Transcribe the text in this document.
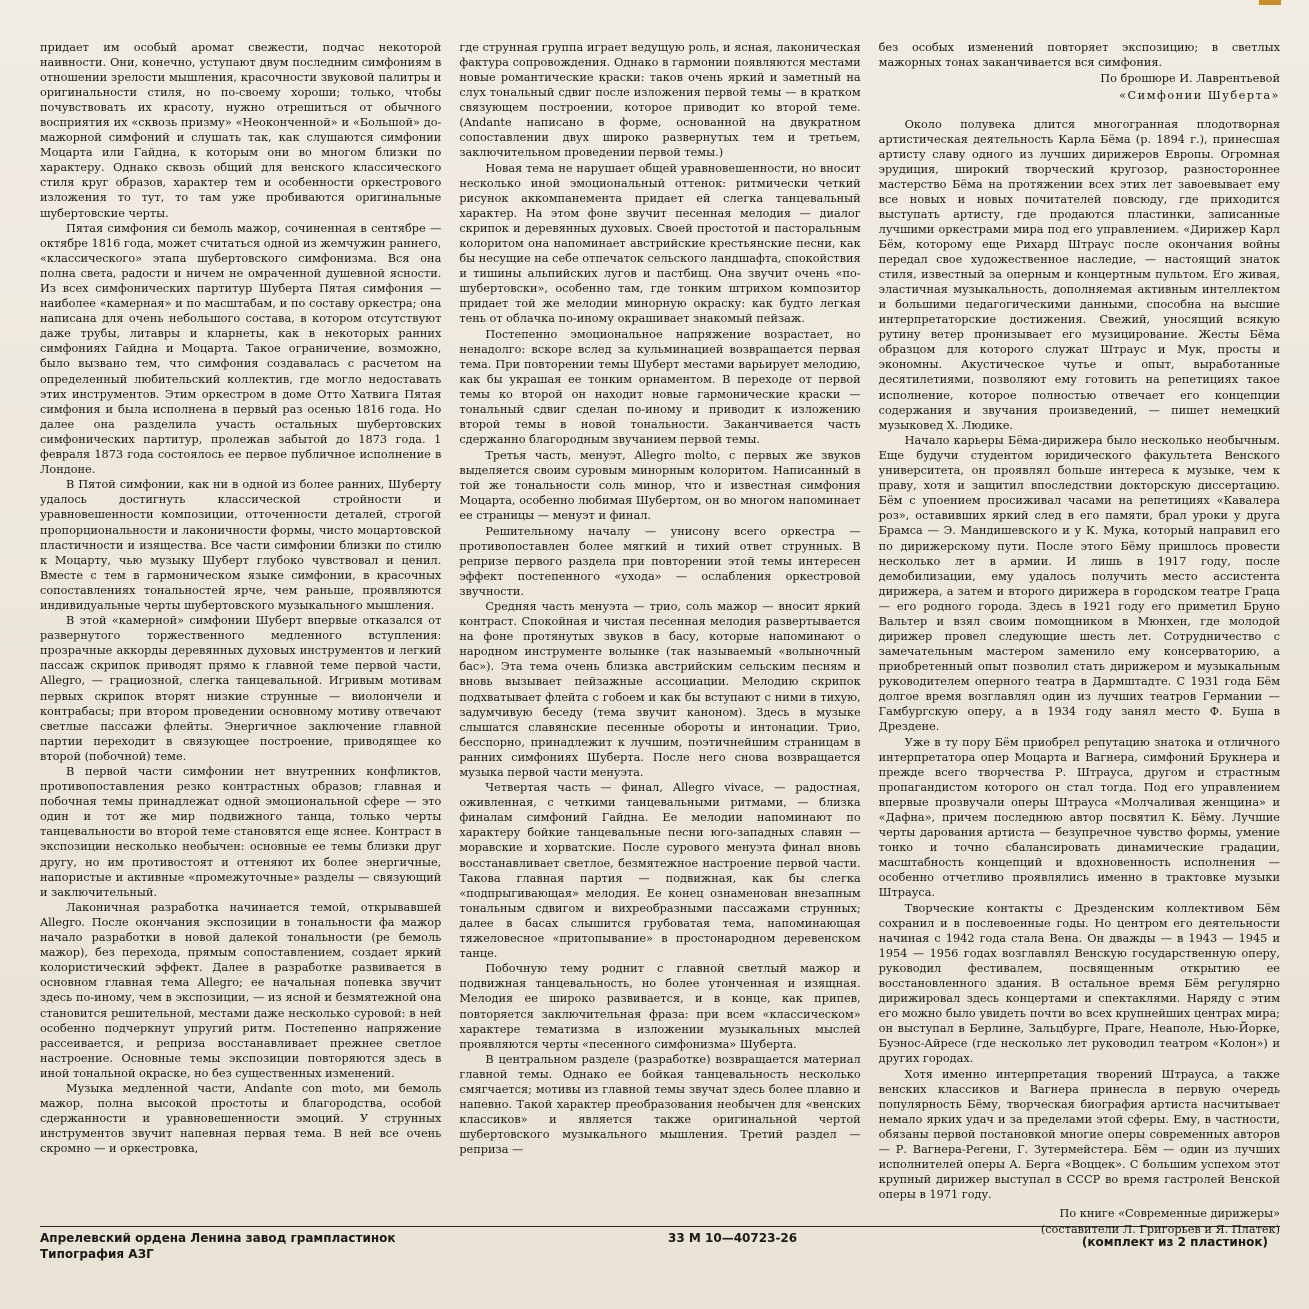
придает им особый аромат свежести, подчас некоторой наивности. Они, конечно, уступают двум последним симфониям в отношении зрелости мышления, красочности звуковой палитры и оригинальности стиля, но по-своему хороши; только, чтобы почувствовать их красоту, нужно отрешиться от обычного восприятия их «сквозь призму» «Неоконченной» и «Большой» до-мажорной симфоний и слушать так, как слушаются симфонии Моцарта или Гайдна, к которым они во многом близки по характеру. Однако сквозь общий для венского классического стиля круг образов, характер тем и особенности оркестрового изложения то тут, то там уже пробиваются оригинальные шубертовские черты.

Пятая симфония си бемоль мажор, сочиненная в сентябре — октябре 1816 года, может считаться одной из жемчужин раннего, «классического» этапа шубертовского симфонизма. Вся она полна света, радости и ничем не омраченной душевной ясности. Из всех симфонических партитур Шуберта Пятая симфония — наиболее «камерная» и по масштабам, и по составу оркестра; она написана для очень небольшого состава, в котором отсутствуют даже трубы, литавры и кларнеты, как в некоторых ранних симфониях Гайдна и Моцарта. Такое ограничение, возможно, было вызвано тем, что симфония создавалась с расчетом на определенный любительский коллектив, где могло недоставать этих инструментов. Этим оркестром в доме Отто Хатвига Пятая симфония и была исполнена в первый раз осенью 1816 года. Но далее она разделила участь остальных шубертовских симфонических партитур, пролежав забытой до 1873 года. 1 февраля 1873 года состоялось ее первое публичное исполнение в Лондоне.

В Пятой симфонии, как ни в одной из более ранних, Шуберту удалось достигнуть классической стройности и уравновешенности композиции, отточенности деталей, строгой пропорциональности и лаконичности формы, чисто моцартовской пластичности и изящества. Все части симфонии близки по стилю к Моцарту, чью музыку Шуберт глубоко чувствовал и ценил. Вместе с тем в гармоническом языке симфонии, в красочных сопоставлениях тональностей ярче, чем раньше, проявляются индивидуальные черты шубертовского музыкального мышления.

В этой «камерной» симфонии Шуберт впервые отказался от развернутого торжественного медленного вступления: прозрачные аккорды деревянных духовых инструментов и легкий пассаж скрипок приводят прямо к главной теме первой части, Allegro, — грациозной, слегка танцевальной. Игривым мотивам первых скрипок вторят низкие струнные — виолончели и контрабасы; при втором проведении основному мотиву отвечают светлые пассажи флейты. Энергичное заключение главной партии переходит в связующее построение, приводящее ко второй (побочной) теме.

В первой части симфонии нет внутренних конфликтов, противопоставления резко контрастных образов; главная и побочная темы принадлежат одной эмоциональной сфере — это один и тот же мир подвижного танца, только черты танцевальности во второй теме становятся еще яснее. Контраст в экспозиции несколько необычен: основные ее темы близки друг другу, но им противостоят и оттеняют их более энергичные, напористые и активные «промежуточные» разделы — связующий и заключительный.

Лаконичная разработка начинается темой, открывавшей Allegro. После окончания экспозиции в тональности фа мажор начало разработки в новой далекой тональности (ре бемоль мажор), без перехода, прямым сопоставлением, создает яркий колористический эффект. Далее в разработке развивается в основном главная тема Allegro; ее начальная попевка звучит здесь по-иному, чем в экспозиции, — из ясной и безмятежной она становится решительной, местами даже несколько суровой: в ней особенно подчеркнут упругий ритм. Постепенно напряжение рассеивается, и реприза восстанавливает прежнее светлое настроение. Основные темы экспозиции повторяются здесь в иной тональной окраске, но без существенных изменений.

Музыка медленной части, Andante con moto, ми бемоль мажор, полна высокой простоты и благородства, особой сдержанности и уравновешенности эмоций. У струнных инструментов звучит напевная первая тема. В ней все очень скромно — и оркестровка,

где струнная группа играет ведущую роль, и ясная, лаконическая фактура сопровождения. Однако в гармонии появляются местами новые романтические краски: таков очень яркий и заметный на слух тональный сдвиг после изложения первой темы — в кратком связующем построении, которое приводит ко второй теме. (Andante написано в форме, основанной на двукратном сопоставлении двух широко развернутых тем и третьем, заключительном проведении первой темы.)

Новая тема не нарушает общей уравновешенности, но вносит несколько иной эмоциональный оттенок: ритмически четкий рисунок аккомпанемента придает ей слегка танцевальный характер. На этом фоне звучит песенная мелодия — диалог скрипок и деревянных духовых. Своей простотой и пасторальным колоритом она напоминает австрийские крестьянские песни, как бы несущие на себе отпечаток сельского ландшафта, спокойствия и тишины альпийских лугов и пастбищ. Она звучит очень «по-шубертовски», особенно там, где тонким штрихом композитор придает той же мелодии минорную окраску: как будто легкая тень от облачка по-иному окрашивает знакомый пейзаж.

Постепенно эмоциональное напряжение возрастает, но ненадолго: вскоре вслед за кульминацией возвращается первая тема. При повторении темы Шуберт местами варьирует мелодию, как бы украшая ее тонким орнаментом. В переходе от первой темы ко второй он находит новые гармонические краски — тональный сдвиг сделан по-иному и приводит к изложению второй темы в новой тональности. Заканчивается часть сдержанно благородным звучанием первой темы.

Третья часть, менуэт, Allegro molto, с первых же звуков выделяется своим суровым минорным колоритом. Написанный в той же тональности соль минор, что и известная симфония Моцарта, особенно любимая Шубертом, он во многом напоминает ее страницы — менуэт и финал.

Решительному началу — унисону всего оркестра — противопоставлен более мягкий и тихий ответ струнных. В репризе первого раздела при повторении этой темы интересен эффект постепенного «ухода» — ослабления оркестровой звучности.

Средняя часть менуэта — трио, соль мажор — вносит яркий контраст. Спокойная и чистая песенная мелодия развертывается на фоне протянутых звуков в басу, которые напоминают о народном инструменте волынке (так называемый «волыночный бас»). Эта тема очень близка австрийским сельским песням и вновь вызывает пейзажные ассоциации. Мелодию скрипок подхватывает флейта с гобоем и как бы вступают с ними в тихую, задумчивую беседу (тема звучит каноном). Здесь в музыке слышатся славянские песенные обороты и интонации. Трио, бесспорно, принадлежит к лучшим, поэтичнейшим страницам в ранних симфониях Шуберта. После него снова возвращается музыка первой части менуэта.

Четвертая часть — финал, Allegro vivace, — радостная, оживленная, с четкими танцевальными ритмами, — близка финалам симфоний Гайдна. Ее мелодии напоминают по характеру бойкие танцевальные песни юго-западных славян — моравские и хорватские. После сурового менуэта финал вновь восстанавливает светлое, безмятежное настроение первой части. Такова главная партия — подвижная, как бы слегка «подпрыгивающая» мелодия. Ее конец ознаменован внезапным тональным сдвигом и вихреобразными пассажами струнных; далее в басах слышится грубоватая тема, напоминающая тяжеловесное «притопывание» в простонародном деревенском танце.

Побочную тему роднит с главной светлый мажор и подвижная танцевальность, но более утонченная и изящная. Мелодия ее широко развивается, и в конце, как припев, повторяется заключительная фраза: при всем «классическом» характере тематизма в изложении музыкальных мыслей проявляются черты «песенного симфонизма» Шуберта.

В центральном разделе (разработке) возвращается материал главной темы. Однако ее бойкая танцевальность несколько смягчается; мотивы из главной темы звучат здесь более плавно и напевно. Такой характер преобразования необычен для «венских классиков» и является также оригинальной чертой шубертовского музыкального мышления. Третий раздел — реприза —

без особых изменений повторяет экспозицию; в светлых мажорных тонах заканчивается вся симфония.

По брошюре И. Лаврентьевой

«Симфонии Шуберта»

Около полувека длится многогранная плодотворная артистическая деятельность Карла Бёма (р. 1894 г.), принесшая артисту славу одного из лучших дирижеров Европы. Огромная эрудиция, широкий творческий кругозор, разностороннее мастерство Бёма на протяжении всех этих лет завоевывает ему все новых и новых почитателей повсюду, где приходится выступать артисту, где продаются пластинки, записанные лучшими оркестрами мира под его управлением. «Дирижер Карл Бём, которому еще Рихард Штраус после окончания войны передал свое художественное наследие, — настоящий знаток стиля, известный за оперным и концертным пультом. Его живая, эластичная музыкальность, дополняемая активным интеллектом и большими педагогическими данными, способна на высшие интерпретаторские достижения. Свежий, уносящий всякую рутину ветер пронизывает его музицирование. Жесты Бёма образцом для которого служат Штраус и Мук, просты и экономны. Акустическое чутье и опыт, выработанные десятилетиями, позволяют ему готовить на репетициях такое исполнение, которое полностью отвечает его концепции содержания и звучания произведений, — пишет немецкий музыковед Х. Людике.

Начало карьеры Бёма-дирижера было несколько необычным. Еще будучи студентом юридического факультета Венского университета, он проявлял больше интереса к музыке, чем к праву, хотя и защитил впоследствии докторскую диссертацию. Бём с упоением просиживал часами на репетициях «Кавалера роз», оставивших яркий след в его памяти, брал уроки у друга Брамса — Э. Мандишевского и у К. Мука, который направил его по дирижерскому пути. После этого Бёму пришлось провести несколько лет в армии. И лишь в 1917 году, после демобилизации, ему удалось получить место ассистента дирижера, а затем и второго дирижера в городском театре Граца — его родного города. Здесь в 1921 году его приметил Бруно Вальтер и взял своим помощником в Мюнхен, где молодой дирижер провел следующие шесть лет. Сотрудничество с замечательным мастером заменило ему консерваторию, а приобретенный опыт позволил стать дирижером и музыкальным руководителем оперного театра в Дармштадте. С 1931 года Бём долгое время возглавлял один из лучших театров Германии — Гамбургскую оперу, а в 1934 году занял место Ф. Буша в Дрездене.

Уже в ту пору Бём приобрел репутацию знатока и отличного интерпретатора опер Моцарта и Вагнера, симфоний Брукнера и прежде всего творчества Р. Штрауса, другом и страстным пропагандистом которого он стал тогда. Под его управлением впервые прозвучали оперы Штрауса «Молчаливая женщина» и «Дафна», причем последнюю автор посвятил К. Бёму. Лучшие черты дарования артиста — безупречное чувство формы, умение тонко и точно сбалансировать динамические градации, масштабность концепций и вдохновенность исполнения — особенно отчетливо проявлялись именно в трактовке музыки Штрауса.

Творческие контакты с Дрезденским коллективом Бём сохранил и в послевоенные годы. Но центром его деятельности начиная с 1942 года стала Вена. Он дважды — в 1943 — 1945 и 1954 — 1956 годах возглавлял Венскую государственную оперу, руководил фестивалем, посвященным открытию ее восстановленного здания. В остальное время Бём регулярно дирижировал здесь концертами и спектаклями. Наряду с этим его можно было увидеть почти во всех крупнейших центрах мира; он выступал в Берлине, Зальцбурге, Праге, Неаполе, Нью-Йорке, Буэнос-Айресе (где несколько лет руководил театром «Колон») и других городах.

Хотя именно интерпретация творений Штрауса, а также венских классиков и Вагнера принесла в первую очередь популярность Бёму, творческая биография артиста насчитывает немало ярких удач и за пределами этой сферы. Ему, в частности, обязаны первой постановкой многие оперы современных авторов — Р. Вагнера-Регени, Г. Зутермейстера. Бём — один из лучших исполнителей оперы А. Берга «Воццек». С большим успехом этот крупный дирижер выступал в СССР во время гастролей Венской оперы в 1971 году.

По книге «Современные дирижеры»

(составители Л. Григорьев и Я. Платек)

Апрелевский ордена Ленина завод грампластинок
Типография АЗГ
33 М 10—40723-26	(комплект из 2 пластинок)
